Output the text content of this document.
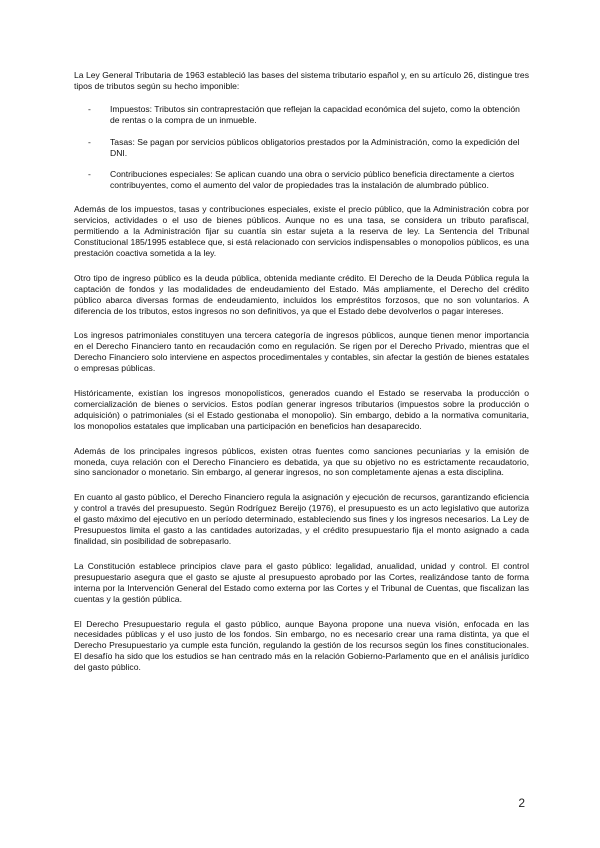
La Ley General Tributaria de 1963 estableció las bases del sistema tributario español y, en su artículo 26, distingue tres tipos de tributos según su hecho imponible:

- Impuestos: Tributos sin contraprestación que reflejan la capacidad económica del sujeto, como la obtención de rentas o la compra de un inmueble.
- Tasas: Se pagan por servicios públicos obligatorios prestados por la Administración, como la expedición del DNI.
- Contribuciones especiales: Se aplican cuando una obra o servicio público beneficia directamente a ciertos contribuyentes, como el aumento del valor de propiedades tras la instalación de alumbrado público.

Además de los impuestos, tasas y contribuciones especiales, existe el precio público, que la Administración cobra por servicios, actividades o el uso de bienes públicos. Aunque no es una tasa, se considera un tributo parafiscal, permitiendo a la Administración fijar su cuantía sin estar sujeta a la reserva de ley. La Sentencia del Tribunal Constitucional 185/1995 establece que, si está relacionado con servicios indispensables o monopolios públicos, es una prestación coactiva sometida a la ley.

Otro tipo de ingreso público es la deuda pública, obtenida mediante crédito. El Derecho de la Deuda Pública regula la captación de fondos y las modalidades de endeudamiento del Estado. Más ampliamente, el Derecho del crédito público abarca diversas formas de endeudamiento, incluidos los empréstitos forzosos, que no son voluntarios. A diferencia de los tributos, estos ingresos no son definitivos, ya que el Estado debe devolverlos o pagar intereses.

Los ingresos patrimoniales constituyen una tercera categoría de ingresos públicos, aunque tienen menor importancia en el Derecho Financiero tanto en recaudación como en regulación. Se rigen por el Derecho Privado, mientras que el Derecho Financiero solo interviene en aspectos procedimentales y contables, sin afectar la gestión de bienes estatales o empresas públicas.

Históricamente, existían los ingresos monopolísticos, generados cuando el Estado se reservaba la producción o comercialización de bienes o servicios. Estos podían generar ingresos tributarios (impuestos sobre la producción o adquisición) o patrimoniales (si el Estado gestionaba el monopolio). Sin embargo, debido a la normativa comunitaria, los monopolios estatales que implicaban una participación en beneficios han desaparecido.

Además de los principales ingresos públicos, existen otras fuentes como sanciones pecuniarias y la emisión de moneda, cuya relación con el Derecho Financiero es debatida, ya que su objetivo no es estrictamente recaudatorio, sino sancionador o monetario. Sin embargo, al generar ingresos, no son completamente ajenas a esta disciplina.

En cuanto al gasto público, el Derecho Financiero regula la asignación y ejecución de recursos, garantizando eficiencia y control a través del presupuesto. Según Rodríguez Bereijo (1976), el presupuesto es un acto legislativo que autoriza el gasto máximo del ejecutivo en un período determinado, estableciendo sus fines y los ingresos necesarios. La Ley de Presupuestos limita el gasto a las cantidades autorizadas, y el crédito presupuestario fija el monto asignado a cada finalidad, sin posibilidad de sobrepasarlo.

La Constitución establece principios clave para el gasto público: legalidad, anualidad, unidad y control. El control presupuestario asegura que el gasto se ajuste al presupuesto aprobado por las Cortes, realizándose tanto de forma interna por la Intervención General del Estado como externa por las Cortes y el Tribunal de Cuentas, que fiscalizan las cuentas y la gestión pública.

El Derecho Presupuestario regula el gasto público, aunque Bayona propone una nueva visión, enfocada en las necesidades públicas y el uso justo de los fondos. Sin embargo, no es necesario crear una rama distinta, ya que el Derecho Presupuestario ya cumple esta función, regulando la gestión de los recursos según los fines constitucionales. El desafío ha sido que los estudios se han centrado más en la relación Gobierno-Parlamento que en el análisis jurídico del gasto público.

2
